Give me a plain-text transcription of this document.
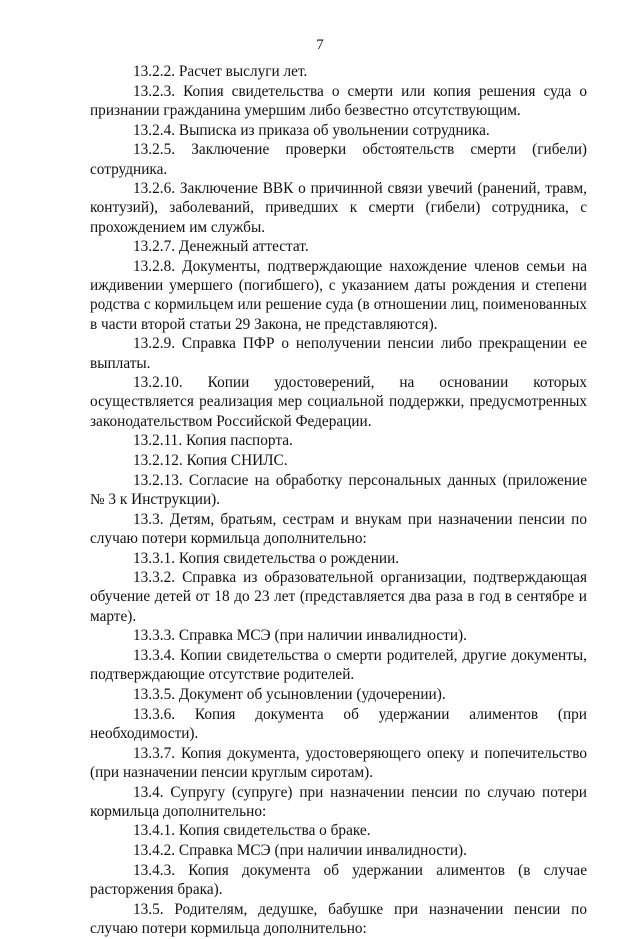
7

13.2.2. Расчет выслуги лет.

13.2.3. Копия свидетельства о смерти или копия решения суда о признании гражданина умершим либо безвестно отсутствующим.

13.2.4. Выписка из приказа об увольнении сотрудника.

13.2.5. Заключение проверки обстоятельств смерти (гибели) сотрудника.

13.2.6. Заключение ВВК о причинной связи увечий (ранений, травм, контузий), заболеваний, приведших к смерти (гибели) сотрудника, с прохождением им службы.

13.2.7. Денежный аттестат.

13.2.8. Документы, подтверждающие нахождение членов семьи на иждивении умершего (погибшего), с указанием даты рождения и степени родства с кормильцем или решение суда (в отношении лиц, поименованных в части второй статьи 29 Закона, не представляются).

13.2.9. Справка ПФР о неполучении пенсии либо прекращении ее выплаты.

13.2.10. Копии удостоверений, на основании которых осуществляется реализация мер социальной поддержки, предусмотренных законодательством Российской Федерации.

13.2.11. Копия паспорта.

13.2.12. Копия СНИЛС.

13.2.13. Согласие на обработку персональных данных (приложение № 3 к Инструкции).

13.3. Детям, братьям, сестрам и внукам при назначении пенсии по случаю потери кормильца дополнительно:

13.3.1. Копия свидетельства о рождении.

13.3.2. Справка из образовательной организации, подтверждающая обучение детей от 18 до 23 лет (представляется два раза в год в сентябре и марте).

13.3.3. Справка МСЭ (при наличии инвалидности).

13.3.4. Копии свидетельства о смерти родителей, другие документы, подтверждающие отсутствие родителей.

13.3.5. Документ об усыновлении (удочерении).

13.3.6. Копия документа об удержании алиментов (при необходимости).

13.3.7. Копия документа, удостоверяющего опеку и попечительство (при назначении пенсии круглым сиротам).

13.4. Супругу (супруге) при назначении пенсии по случаю потери кормильца дополнительно:

13.4.1. Копия свидетельства о браке.

13.4.2. Справка МСЭ (при наличии инвалидности).

13.4.3. Копия документа об удержании алиментов (в случае расторжения брака).

13.5. Родителям, дедушке, бабушке при назначении пенсии по случаю потери кормильца дополнительно:
